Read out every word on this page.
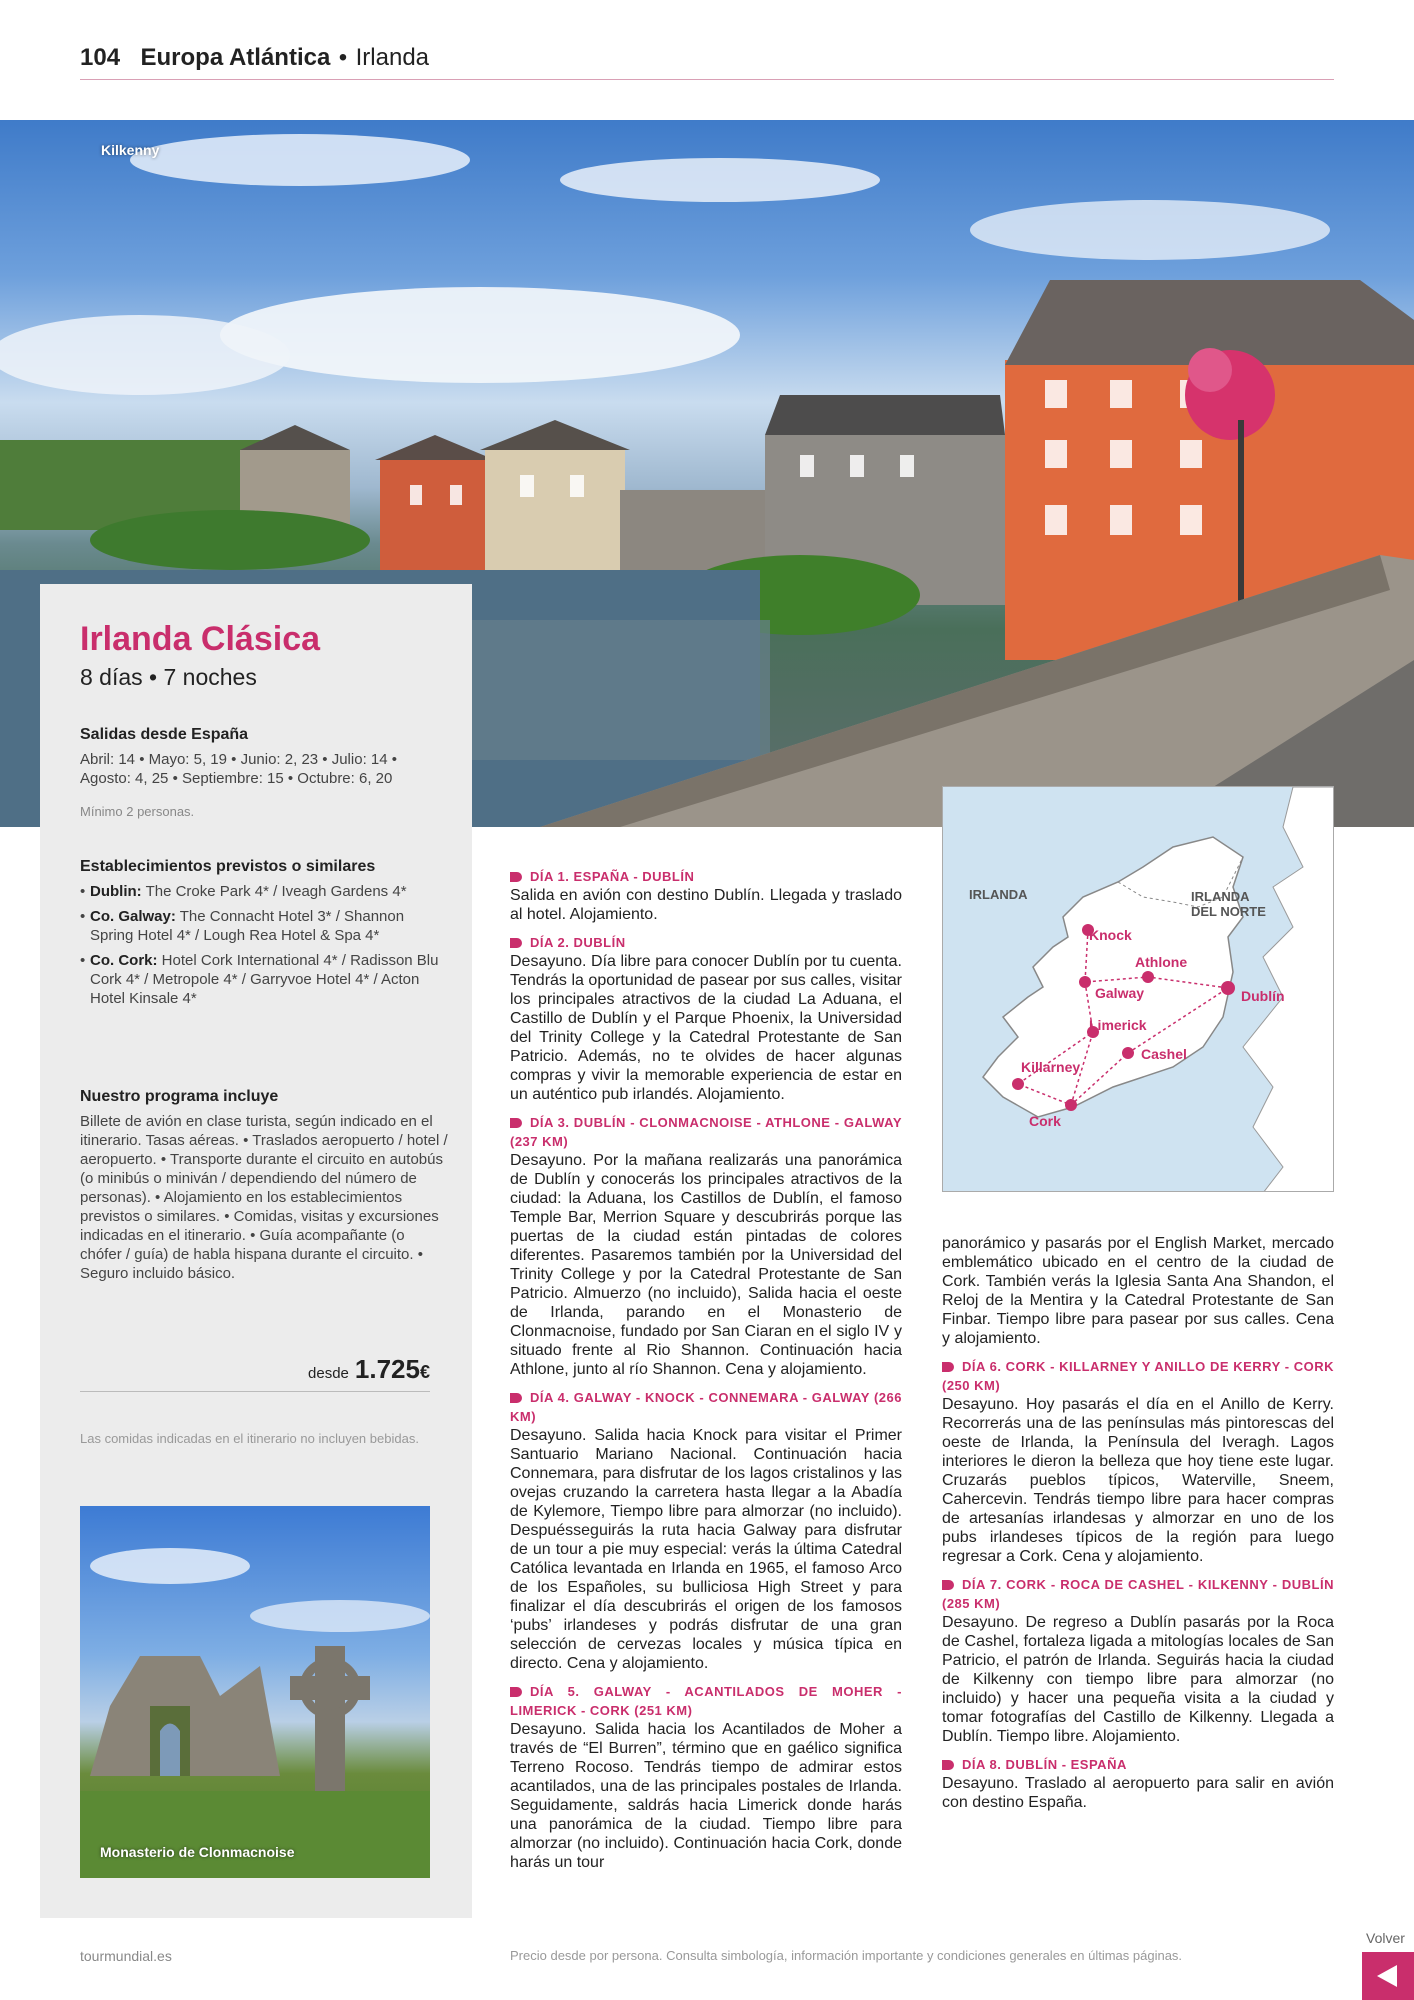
104 Europa Atlántica • Irlanda
Kilkenny
Irlanda Clásica
8 días • 7 noches
Salidas desde España

Abril: 14 • Mayo: 5, 19 • Junio: 2, 23 • Julio: 14 • Agosto: 4, 25 • Septiembre: 15 • Octubre: 6, 20

Mínimo 2 personas.
Establecimientos previstos o similares
• Dublin: The Croke Park 4* / Iveagh Gardens 4*
• Co. Galway: The Connacht Hotel 3* / Shannon Spring Hotel 4* / Lough Rea Hotel & Spa 4*
• Co. Cork: Hotel Cork International 4* / Radisson Blu Cork 4* / Metropole 4* / Garryvoe Hotel 4* / Acton Hotel Kinsale 4*
Nuestro programa incluye

Billete de avión en clase turista, según indicado en el itinerario. Tasas aéreas. • Traslados aeropuerto / hotel / aeropuerto. • Transporte durante el circuito en autobús (o minibús o miniván / dependiendo del número de personas). • Alojamiento en los establecimientos previstos o similares. • Comidas, visitas y excursiones indicadas en el itinerario. • Guía acompañante (o chófer / guía) de habla hispana durante el circuito. • Seguro incluido básico.

desde 1.725€
Las comidas indicadas en el itinerario no incluyen bebidas.
Monasterio de Clonmacnoise
DÍA 1. ESPAÑA - DUBLÍN
Salida en avión con destino Dublín. Llegada y traslado al hotel. Alojamiento.
DÍA 2. DUBLÍN
Desayuno. Día libre para conocer Dublín por tu cuenta. Tendrás la oportunidad de pasear por sus calles, visitar los principales atractivos de la ciudad La Aduana, el Castillo de Dublín y el Parque Phoenix, la Universidad del Trinity College y la Catedral Protestante de San Patricio. Además, no te olvides de hacer algunas compras y vivir la memorable experiencia de estar en un auténtico pub irlandés. Alojamiento.
DÍA 3. DUBLÍN - CLONMACNOISE - ATHLONE - GALWAY (237 KM)
Desayuno. Por la mañana realizarás una panorámica de Dublín y conocerás los principales atractivos de la ciudad: la Aduana, los Castillos de Dublín, el famoso Temple Bar, Merrion Square y descubrirás porque las puertas de la ciudad están pintadas de colores diferentes. Pasaremos también por la Universidad del Trinity College y por la Catedral Protestante de San Patricio. Almuerzo (no incluido), Salida hacia el oeste de Irlanda, parando en el Monasterio de Clonmacnoise, fundado por San Ciaran en el siglo IV y situado frente al Rio Shannon. Continuación hacia Athlone, junto al río Shannon. Cena y alojamiento.
DÍA 4. GALWAY - KNOCK - CONNEMARA - GALWAY (266 KM)
Desayuno. Salida hacia Knock para visitar el Primer Santuario Mariano Nacional. Continuación hacia Connemara, para disfrutar de los lagos cristalinos y las ovejas cruzando la carretera hasta llegar a la Abadía de Kylemore, Tiempo libre para almorzar (no incluido). Despuésseguirás la ruta hacia Galway para disfrutar de un tour a pie muy especial: verás la última Catedral Católica levantada en Irlanda en 1965, el famoso Arco de los Españoles, su bulliciosa High Street y para finalizar el día descubrirás el origen de los famosos ‘pubs’ irlandeses y podrás disfrutar de una gran selección de cervezas locales y música típica en directo. Cena y alojamiento.
DÍA 5. GALWAY - ACANTILADOS DE MOHER - LIMERICK - CORK (251 KM)
Desayuno. Salida hacia los Acantilados de Moher a través de “El Burren”, término que en gaélico significa Terreno Rocoso. Tendrás tiempo de admirar estos acantilados, una de las principales postales de Irlanda. Seguidamente, saldrás hacia Limerick donde harás una panorámica de la ciudad. Tiempo libre para almorzar (no incluido). Continuación hacia Cork, donde harás un tour
IRLANDA	IRLANDA
DEL NORTE
Knock
Athlone
Galway	Dublín
Limerick
Cashel
Killarney
Cork
panorámico y pasarás por el English Market, mercado emblemático ubicado en el centro de la ciudad de Cork. También verás la Iglesia Santa Ana Shandon, el Reloj de la Mentira y la Catedral Protestante de San Finbar. Tiempo libre para pasear por sus calles. Cena y alojamiento.
DÍA 6. CORK - KILLARNEY Y ANILLO DE KERRY - CORK (250 KM)
Desayuno. Hoy pasarás el día en el Anillo de Kerry. Recorrerás una de las penínsulas más pintorescas del oeste de Irlanda, la Península del Iveragh. Lagos interiores le dieron la belleza que hoy tiene este lugar. Cruzarás pueblos típicos, Waterville, Sneem, Cahercevin. Tendrás tiempo libre para hacer compras de artesanías irlandesas y almorzar en uno de los pubs irlandeses típicos de la región para luego regresar a Cork. Cena y alojamiento.
DÍA 7. CORK - ROCA DE CASHEL - KILKENNY - DUBLÍN (285 KM)
Desayuno. De regreso a Dublín pasarás por la Roca de Cashel, fortaleza ligada a mitologías locales de San Patricio, el patrón de Irlanda. Seguirás hacia la ciudad de Kilkenny con tiempo libre para almorzar (no incluido) y hacer una pequeña visita a la ciudad y tomar fotografías del Castillo de Kilkenny. Llegada a Dublín. Tiempo libre. Alojamiento.
DÍA 8. DUBLÍN - ESPAÑA
Desayuno. Traslado al aeropuerto para salir en avión con destino España.
tourmundial.es	Precio desde por persona. Consulta simbología, información importante y condiciones generales en últimas páginas.
Volver
